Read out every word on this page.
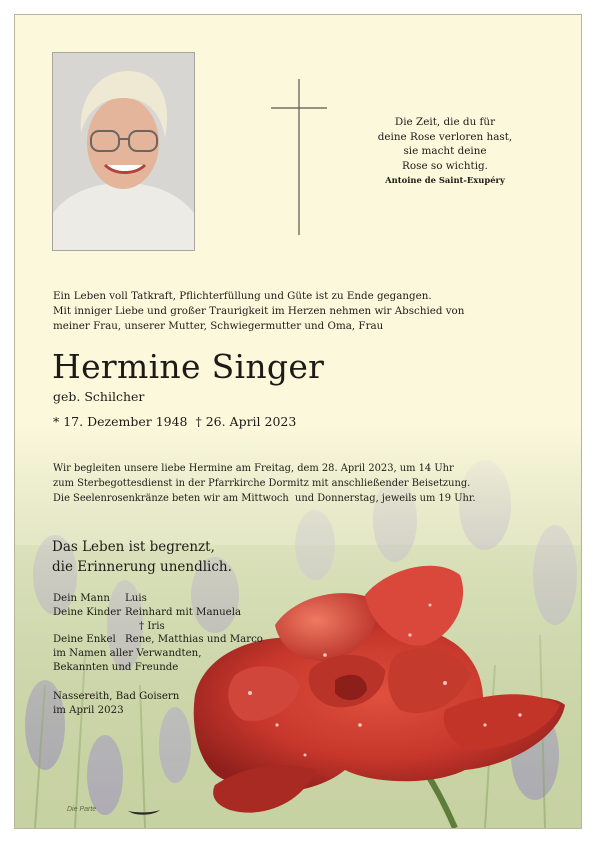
Die Zeit, die du für
deine Rose verloren hast,
sie macht deine
Rose so wichtig.
Antoine de Saint-Exupéry
Ein Leben voll Tatkraft, Pflichterfüllung und Güte ist zu Ende gegangen.
Mit inniger Liebe und großer Traurigkeit im Herzen nehmen wir Abschied von
meiner Frau, unserer Mutter, Schwiegermutter und Oma, Frau
Hermine Singer
geb. Schilcher
* 17. Dezember 1948 † 26. April 2023
Wir begleiten unsere liebe Hermine am Freitag, dem 28. April 2023, um 14 Uhr
zum Sterbegottesdienst in der Pfarrkirche Dormitz mit anschließender Beisetzung.
Die Seelenrosenkränze beten wir am Mittwoch  und Donnerstag, jeweils um 19 Uhr.
Das Leben ist begrenzt,
die Erinnerung unendlich.
Dein Mann	Luis
Deine Kinder	Reinhard mit Manuela
	† Iris
Deine Enkel	Rene, Matthias und Marco
im Namen aller Verwandten,
Bekannten und Freunde
Nassereith, Bad Goisern
im April 2023
Die Parte
